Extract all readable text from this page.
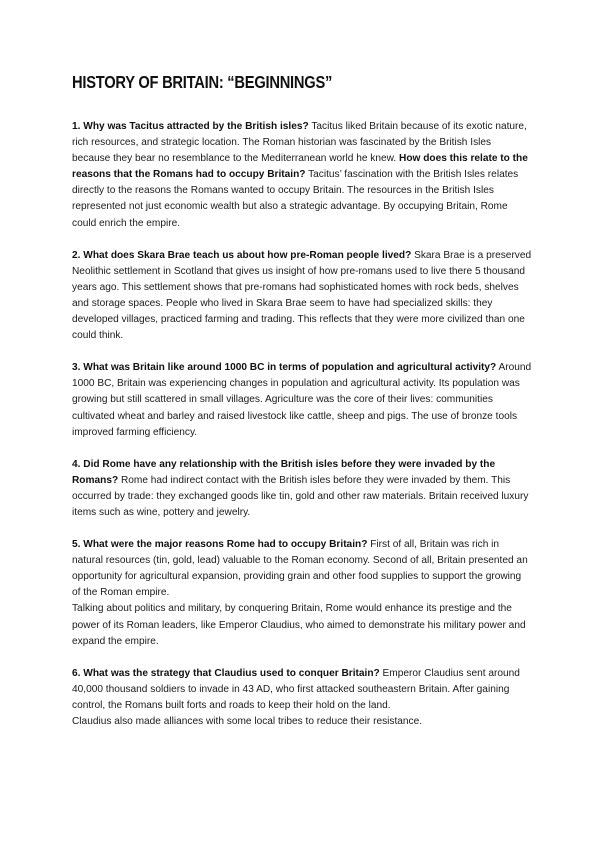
HISTORY OF BRITAIN: “BEGINNINGS”

1. Why was Tacitus attracted by the British isles? Tacitus liked Britain because of its exotic nature, rich resources, and strategic location. The Roman historian was fascinated by the British Isles because they bear no resemblance to the Mediterranean world he knew. How does this relate to the reasons that the Romans had to occupy Britain? Tacitus’ fascination with the British Isles relates directly to the reasons the Romans wanted to occupy Britain. The resources in the British Isles represented not just economic wealth but also a strategic advantage. By occupying Britain, Rome could enrich the empire.

2. What does Skara Brae teach us about how pre-Roman people lived? Skara Brae is a preserved Neolithic settlement in Scotland that gives us insight of how pre-romans used to live there 5 thousand years ago. This settlement shows that pre-romans had sophisticated homes with rock beds, shelves and storage spaces. People who lived in Skara Brae seem to have had specialized skills: they developed villages, practiced farming and trading. This reflects that they were more civilized than one could think.

3. What was Britain like around 1000 BC in terms of population and agricultural activity? Around 1000 BC, Britain was experiencing changes in population and agricultural activity. Its population was growing but still scattered in small villages. Agriculture was the core of their lives: communities cultivated wheat and barley and raised livestock like cattle, sheep and pigs. The use of bronze tools improved farming efficiency.

4. Did Rome have any relationship with the British isles before they were invaded by the Romans? Rome had indirect contact with the British isles before they were invaded by them. This occurred by trade: they exchanged goods like tin, gold and other raw materials. Britain received luxury items such as wine, pottery and jewelry.

5. What were the major reasons Rome had to occupy Britain? First of all, Britain was rich in natural resources (tin, gold, lead) valuable to the Roman economy. Second of all, Britain presented an opportunity for agricultural expansion, providing grain and other food supplies to support the growing of the Roman empire.

Talking about politics and military, by conquering Britain, Rome would enhance its prestige and the power of its Roman leaders, like Emperor Claudius, who aimed to demonstrate his military power and expand the empire.

6. What was the strategy that Claudius used to conquer Britain? Emperor Claudius sent around 40,000 thousand soldiers to invade in 43 AD, who first attacked southeastern Britain. After gaining control, the Romans built forts and roads to keep their hold on the land.

Claudius also made alliances with some local tribes to reduce their resistance.
